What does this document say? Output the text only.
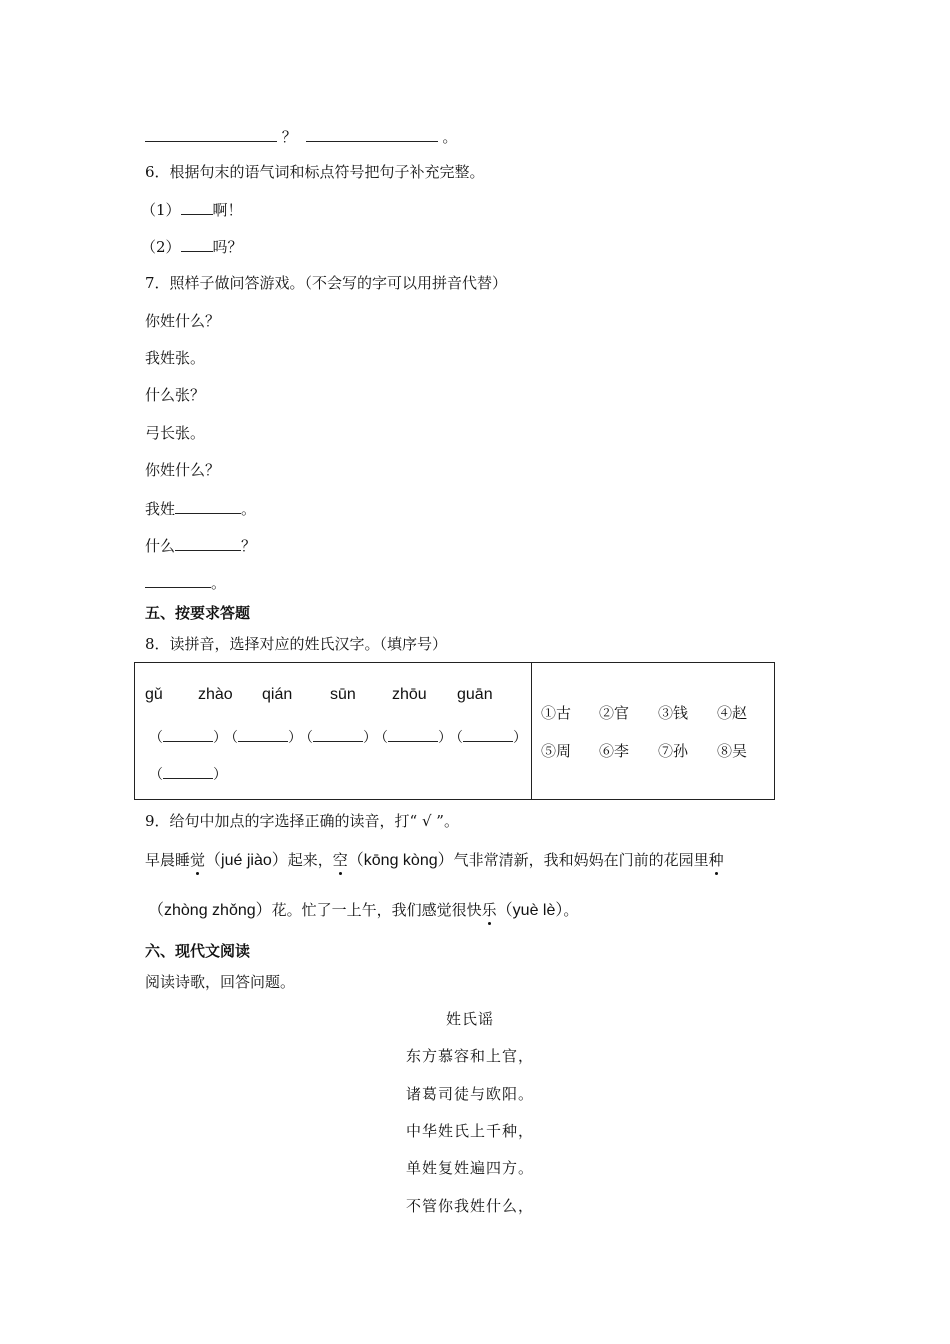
？	。
6．根据句末的语气词和标点符号把句子补充完整。
（1） 啊！
（2） 吗？
7．照样子做问答游戏。（不会写的字可以用拼音代替）
你姓什么？
我姓张。
什么张？
弓长张。
你姓什么？
我姓	。
什么	？
。
五、按要求答题
8．读拼音，选择对应的姓氏汉字。（填序号）
gǔ zhào qián sūn zhōu guān
（	）
（	）
（	）
（	）
（	）
（	）
①古 ②官 ③钱 ④赵
⑤周 ⑥李 ⑦孙 ⑧吴
9．给句中加点的字选择正确的读音，打“ √ ”。
早晨睡觉（jué jiào）起来，空（kōng kòng）气非常清新，我和妈妈在门前的花园里种
（zhòng zhǒng）花。忙了一上午，我们感觉很快乐（yuè lè）。
六、现代文阅读
阅读诗歌，回答问题。
姓氏谣
东方慕容和上官，
诸葛司徒与欧阳。
中华姓氏上千种，
单姓复姓遍四方。
不管你我姓什么，
